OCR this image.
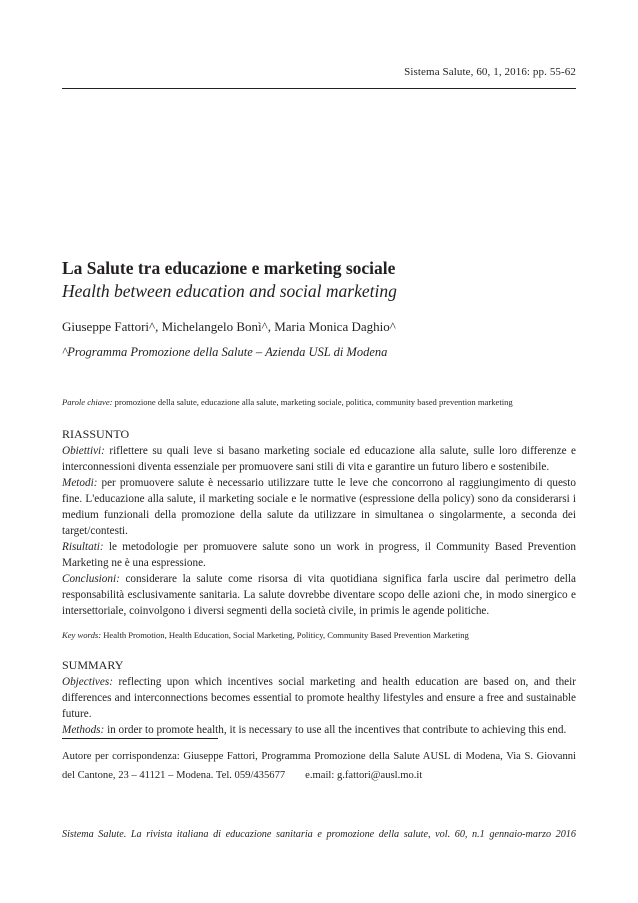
Sistema Salute, 60, 1, 2016: pp. 55-62
La Salute tra educazione e marketing sociale
Health between education and social marketing
Giuseppe Fattori^, Michelangelo Bonì^, Maria Monica Daghio^
^Programma Promozione della Salute – Azienda USL di Modena
Parole chiave: promozione della salute, educazione alla salute, marketing sociale, politica, community based prevention marketing
RIASSUNTO

Obiettivi: riflettere su quali leve si basano marketing sociale ed educazione alla salute, sulle loro differenze e interconnessioni diventa essenziale per promuovere sani stili di vita e garantire un futuro libero e sostenibile.

Metodi: per promuovere salute è necessario utilizzare tutte le leve che concorrono al raggiungimento di questo fine. L'educazione alla salute, il marketing sociale e le normative (espressione della policy) sono da considerarsi i medium funzionali della promozione della salute da utilizzare in simultanea o singolarmente, a seconda dei target/contesti.

Risultati: le metodologie per promuovere salute sono un work in progress, il Community Based Prevention Marketing ne è una espressione.

Conclusioni: considerare la salute come risorsa di vita quotidiana significa farla uscire dal perimetro della responsabilità esclusivamente sanitaria. La salute dovrebbe diventare scopo delle azioni che, in modo sinergico e intersettoriale, coinvolgono i diversi segmenti della società civile, in primis le agende politiche.

Key words: Health Promotion, Health Education, Social Marketing, Politicy, Community Based Prevention Marketing
SUMMARY

Objectives: reflecting upon which incentives social marketing and health education are based on, and their differences and interconnections becomes essential to promote healthy lifestyles and ensure a free and sustainable future.

Methods: in order to promote health, it is necessary to use all the incentives that contribute to achieving this end.

Autore per corrispondenza: Giuseppe Fattori, Programma Promozione della Salute AUSL di Modena, Via S. Giovanni del Cantone, 23 – 41121 – Modena. Tel. 059/435677 e.mail: g.fattori@ausl.mo.it
Sistema Salute. La rivista italiana di educazione sanitaria e promozione della salute, vol. 60, n.1 gennaio-marzo 2016
